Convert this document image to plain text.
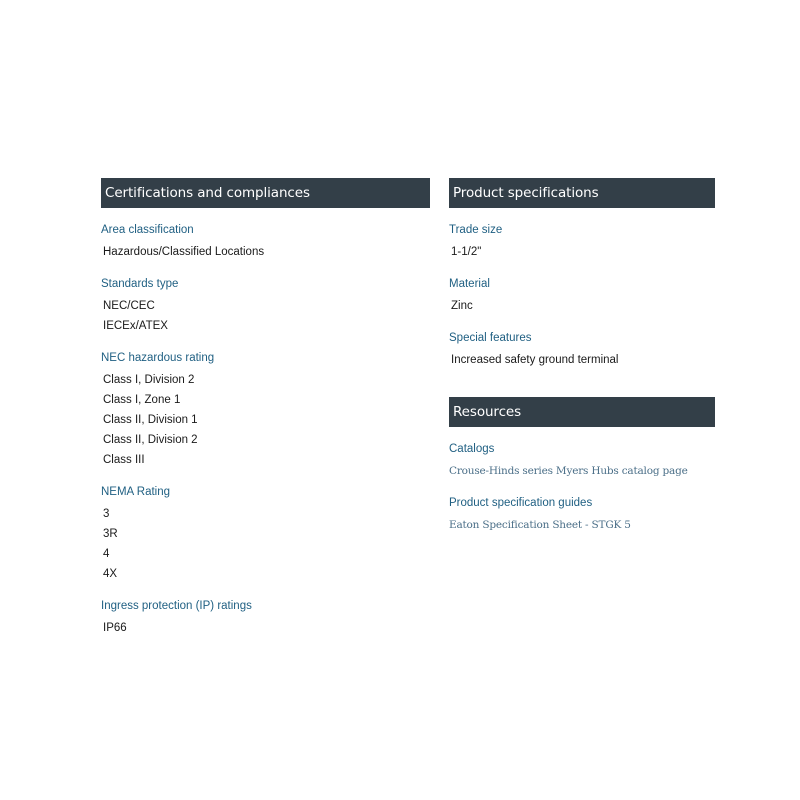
Certifications and compliances
Area classification
Hazardous/Classified Locations
Standards type
NEC/CEC
IECEx/ATEX
NEC hazardous rating
Class I, Division 2
Class I, Zone 1
Class II, Division 1
Class II, Division 2
Class III
NEMA Rating
3
3R
4
4X
Ingress protection (IP) ratings
IP66
Product specifications
Trade size
1-1/2"
Material
Zinc
Special features
Increased safety ground terminal
Resources
Catalogs
Crouse-Hinds series Myers Hubs catalog page
Product specification guides
Eaton Specification Sheet - STGK 5
